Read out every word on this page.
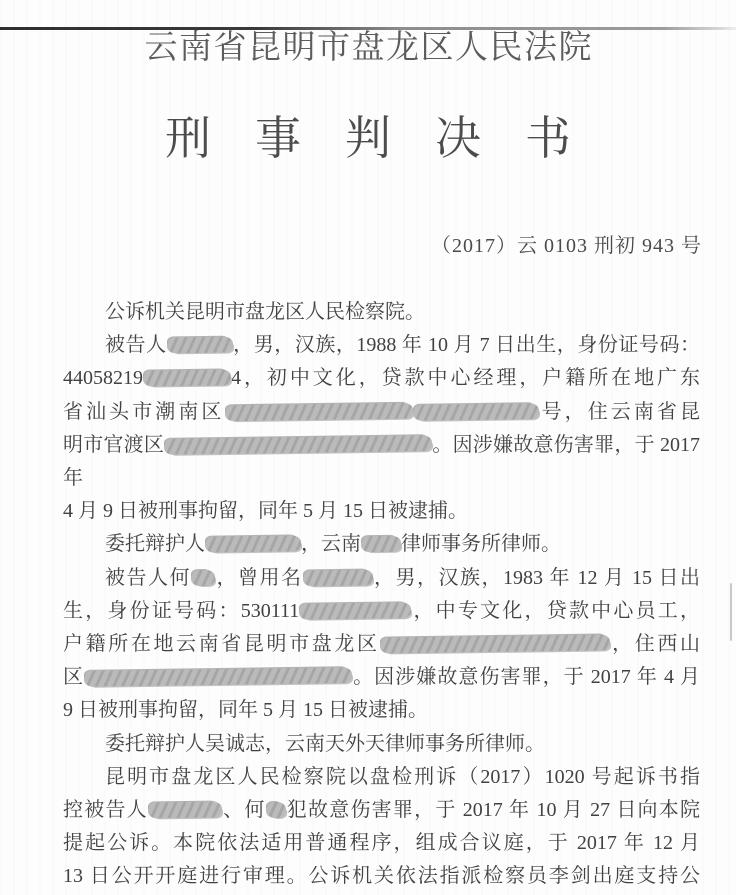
云南省昆明市盘龙区人民法院
刑事判决书
（2017）云 0103 刑初 943 号
公诉机关昆明市盘龙区人民检察院。
被告人	，男，汉族，1988 年 10 月 7 日出生，身份证号码：
44058219	4，初中文化，贷款中心经理，户籍所在地广东
省汕头市潮南区	号，住云南省昆
明市官渡区	。因涉嫌故意伤害罪，于 2017 年
4 月 9 日被刑事拘留，同年 5 月 15 日被逮捕。
委托辩护人	，云南 律师事务所律师。
被告人何 ，曾用名	，男，汉族，1983 年 12 月 15 日出
生，身份证号码：530111	，中专文化，贷款中心员工，
户籍所在地云南省昆明市盘龙区	，住西山
区	。因涉嫌故意伤害罪，于 2017 年 4 月
9 日被刑事拘留，同年 5 月 15 日被逮捕。
委托辩护人吴诚志，云南天外天律师事务所律师。
昆明市盘龙区人民检察院以盘检刑诉（2017）1020 号起诉书指
控被告人	、何 犯故意伤害罪，于 2017 年 10 月 27 日向本院
提起公诉。本院依法适用普通程序，组成合议庭，于 2017 年 12 月
13 日公开开庭进行审理。公诉机关依法指派检察员李剑出庭支持公
